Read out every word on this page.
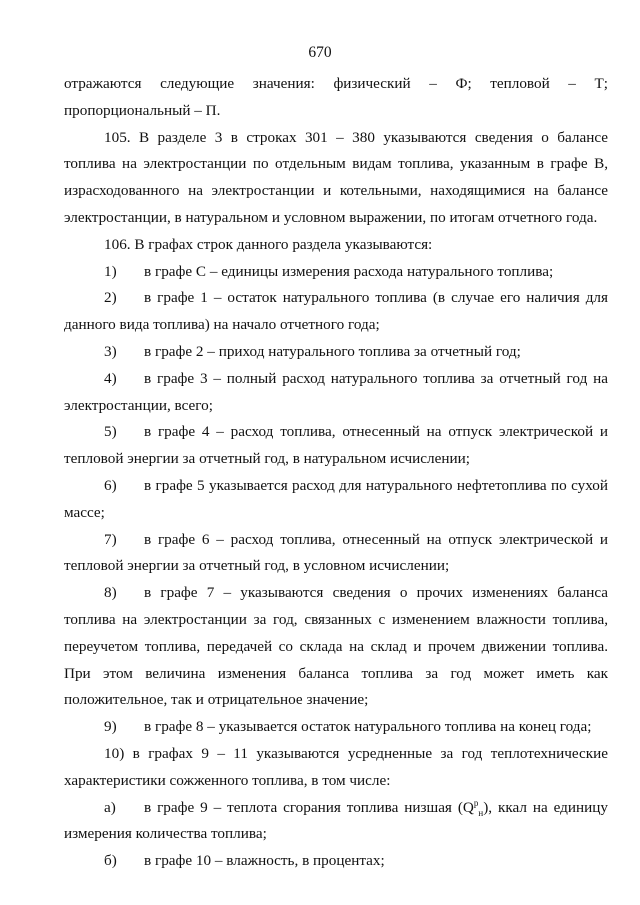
670

отражаются следующие значения: физический – Ф; тепловой – Т;

пропорциональный – П.

105. В разделе 3 в строках 301 – 380 указываются сведения о балансе топлива на электростанции по отдельным видам топлива, указанным в графе B, израсходованного на электростанции и котельными, находящимися на балансе электростанции, в натуральном и условном выражении, по итогам отчетного года.

106. В графах строк данного раздела указываются:

1) в графе С – единицы измерения расхода натурального топлива;

2) в графе 1 – остаток натурального топлива (в случае его наличия для данного вида топлива) на начало отчетного года;

3) в графе 2 – приход натурального топлива за отчетный год;

4) в графе 3 – полный расход натурального топлива за отчетный год на электростанции, всего;

5) в графе 4 – расход топлива, отнесенный на отпуск электрической и тепловой энергии за отчетный год, в натуральном исчислении;

6) в графе 5 указывается расход для натурального нефтетоплива по сухой массе;

7) в графе 6 – расход топлива, отнесенный на отпуск электрической и тепловой энергии за отчетный год, в условном исчислении;

8) в графе 7 – указываются сведения о прочих изменениях баланса топлива на электростанции за год, связанных с изменением влажности топлива, переучетом топлива, передачей со склада на склад и прочем движении топлива. При этом величина изменения баланса топлива за год может иметь как положительное, так и отрицательное значение;

9) в графе 8 – указывается остаток натурального топлива на конец года;

10) в графах 9 – 11 указываются усредненные за год теплотехнические характеристики сожженного топлива, в том числе:

а) в графе 9 – теплота сгорания топлива низшая $(Q^р_н)$, ккал на единицу измерения количества топлива;

б) в графе 10 – влажность, в процентах;
